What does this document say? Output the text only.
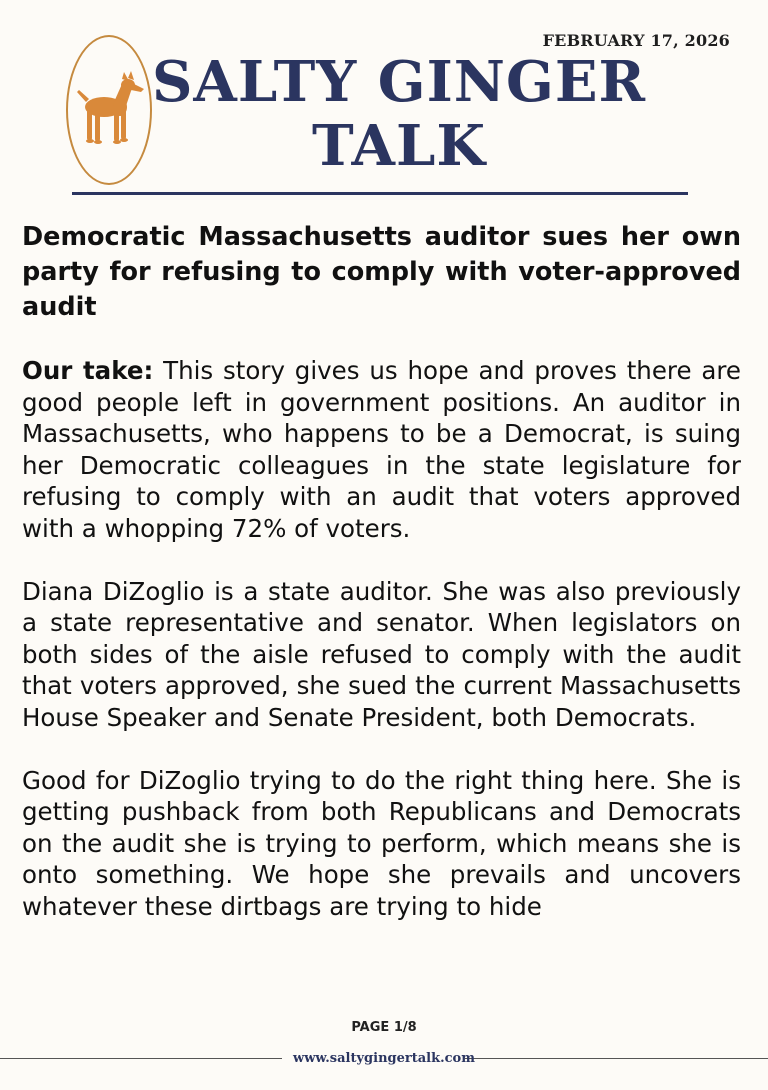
FEBRUARY 17, 2026
SALTY GINGER
TALK
Democratic Massachusetts auditor sues her own party for refusing to comply with voter-approved audit

Our take: This story gives us hope and proves there are good people left in government positions. An auditor in Massachusetts, who happens to be a Democrat, is suing her Democratic colleagues in the state legislature for refusing to comply with an audit that voters approved with a whopping 72% of voters.

Diana DiZoglio is a state auditor. She was also previously a state representative and senator. When legislators on both sides of the aisle refused to comply with the audit that voters approved, she sued the current Massachusetts House Speaker and Senate President, both Democrats.

Good for DiZoglio trying to do the right thing here. She is getting pushback from both Republicans and Democrats on the audit she is trying to perform, which means she is onto something. We hope she prevails and uncovers whatever these dirtbags are trying to hide

PAGE 1/8
www.saltygingertalk.com
